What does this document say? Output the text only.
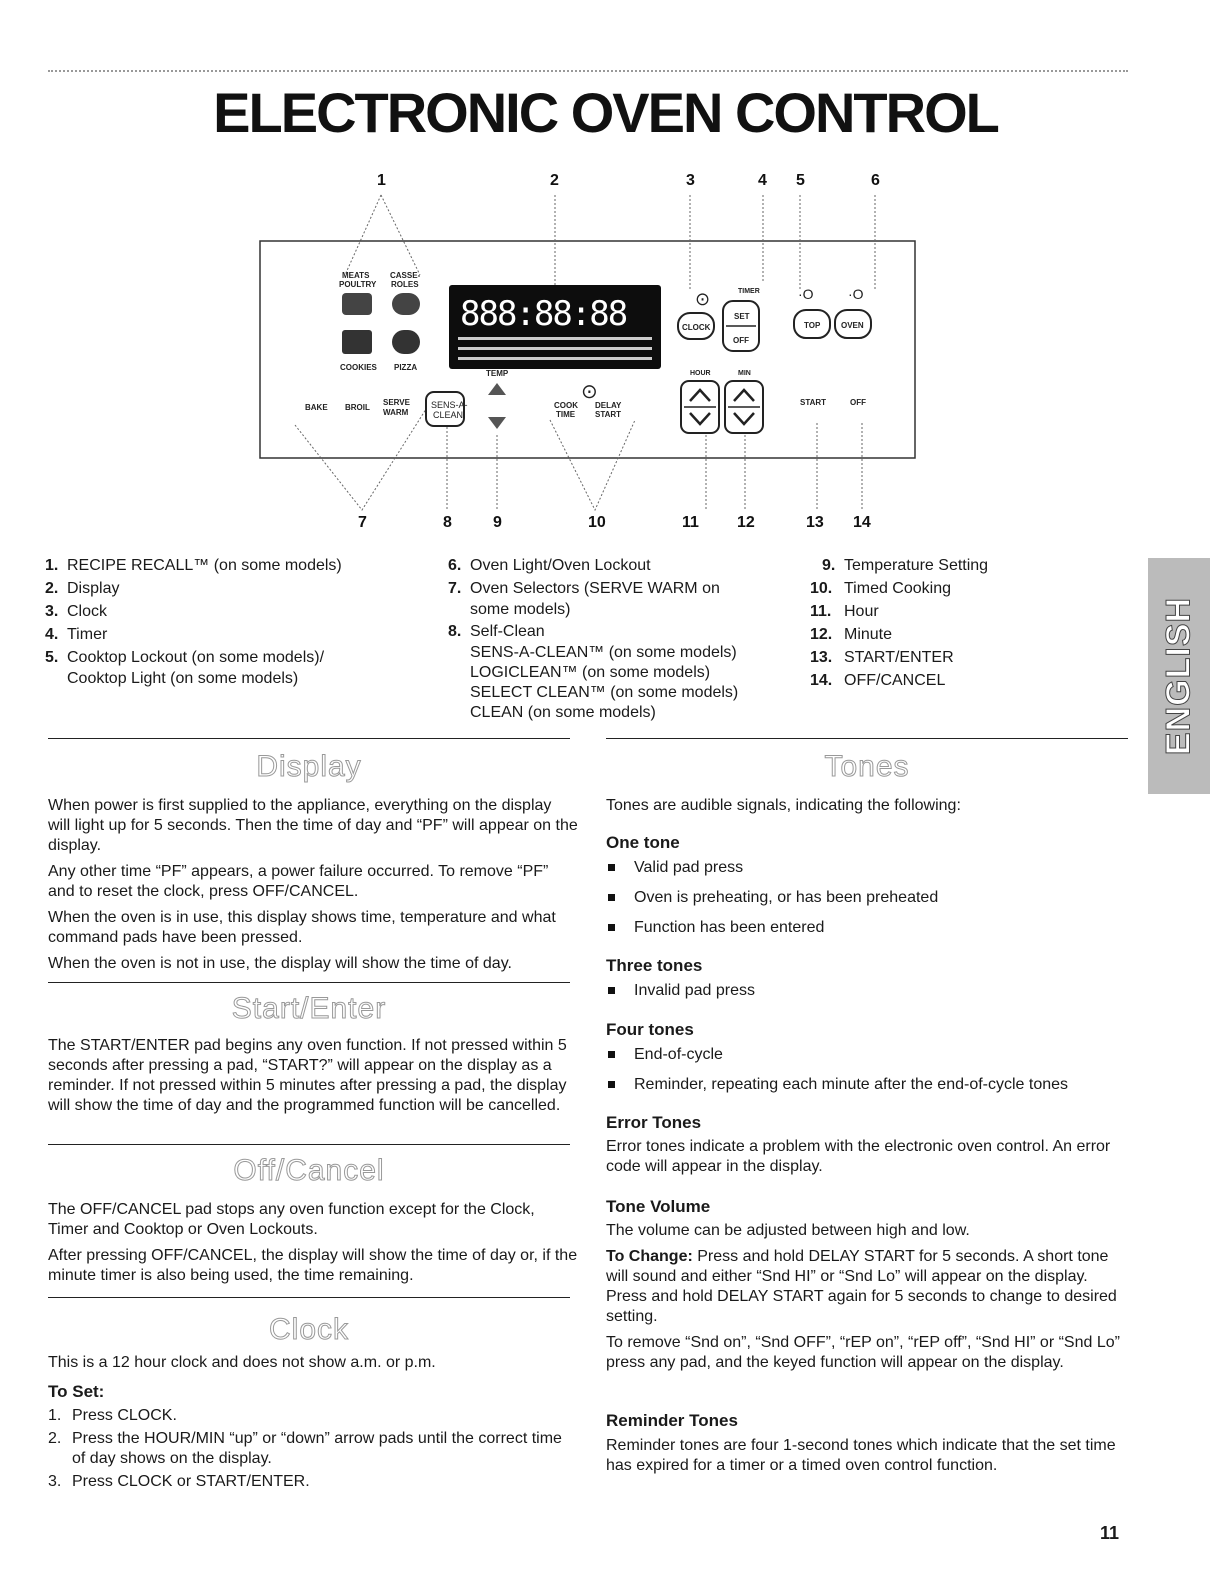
ELECTRONIC OVEN CONTROL
1	2	3	4 5	6
7	8	9	10	11 12	13 14
MEATS
POULTRY
CASSE-
ROLES
COOKIES PIZZA
BAKE BROIL
SERVE
WARM
SENS-A-
CLEAN
TEMP
888:88:88
⊙
COOK
TIME
DELAY
START
⊙	TIMER
CLOCK
SET
OFF
·O ·O
TOP	OVEN
HOUR	MIN
START	OFF
1. RECIPE RECALL™ (on some models)
2. Display
3. Clock
4. Timer
5. Cooktop Lockout (on some models)/
Cooktop Light (on some models)
6. Oven Light/Oven Lockout
7. Oven Selectors (SERVE WARM on
some models)
8. Self-Clean
SENS-A-CLEAN™ (on some models)
LOGICLEAN™ (on some models)
SELECT CLEAN™ (on some models)
CLEAN (on some models)
9. Temperature Setting
10. Timed Cooking
11. Hour
12. Minute
13. START/ENTER
14. OFF/CANCEL	ENGLISH
Display

When power is first supplied to the appliance, everything on the display will light up for 5 seconds. Then the time of day and “PF” will appear on the display.

Any other time “PF” appears, a power failure occurred. To remove “PF” and to reset the clock, press OFF/CANCEL.

When the oven is in use, this display shows time, temperature and what command pads have been pressed.

When the oven is not in use, the display will show the time of day.

Start/Enter

The START/ENTER pad begins any oven function. If not pressed within 5 seconds after pressing a pad, “START?” will appear on the display as a reminder. If not pressed within 5 minutes after pressing a pad, the display will show the time of day and the programmed function will be cancelled.

Off/Cancel

The OFF/CANCEL pad stops any oven function except for the Clock, Timer and Cooktop or Oven Lockouts.

After pressing OFF/CANCEL, the display will show the time of day or, if the minute timer is also being used, the time remaining.

Clock
This is a 12 hour clock and does not show a.m. or p.m.
To Set:
1. Press CLOCK.
2. Press the HOUR/MIN “up” or “down” arrow pads until the correct time of day shows on the display.
3. Press CLOCK or START/ENTER.
Tones
Tones are audible signals, indicating the following:
One tone
Valid pad press
Oven is preheating, or has been preheated
Function has been entered
Three tones
Invalid pad press
Four tones
End-of-cycle
Reminder, repeating each minute after the end-of-cycle tones
Error Tones
Error tones indicate a problem with the electronic oven control. An error code will appear in the display.
Tone Volume

The volume can be adjusted between high and low.

To Change: Press and hold DELAY START for 5 seconds. A short tone will sound and either “Snd HI” or “Snd Lo” will appear on the display. Press and hold DELAY START again for 5 seconds to change to desired setting.

To remove “Snd on”, “Snd OFF”, “rEP on”, “rEP off”, “Snd HI” or “Snd Lo” press any pad, and the keyed function will appear on the display.

Reminder Tones
Reminder tones are four 1-second tones which indicate that the set time has expired for a timer or a timed oven control function.
11
